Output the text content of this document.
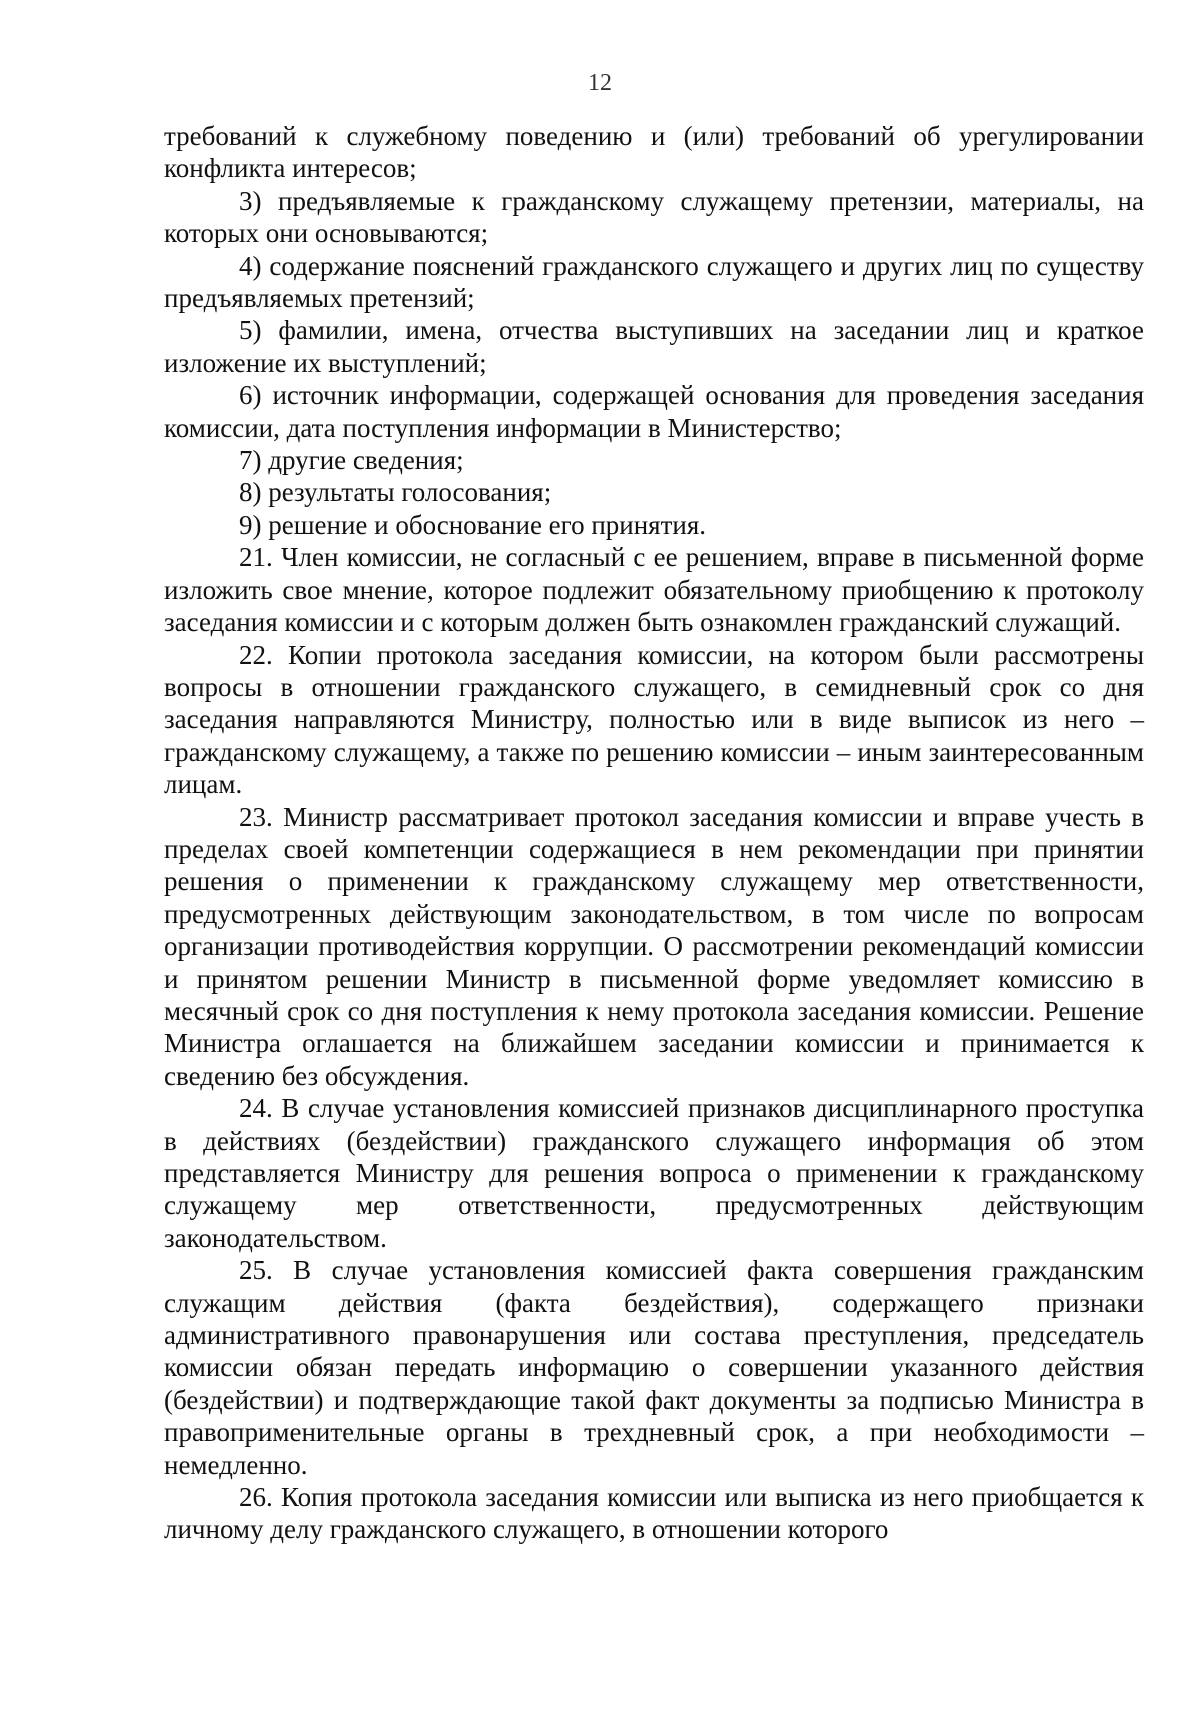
12

требований к служебному поведению и (или) требований об урегулировании конфликта интересов;

3) предъявляемые к гражданскому служащему претензии, материалы, на которых они основываются;

4) содержание пояснений гражданского служащего и других лиц по существу предъявляемых претензий;

5) фамилии, имена, отчества выступивших на заседании лиц и краткое изложение их выступлений;

6) источник информации, содержащей основания для проведения заседания комиссии, дата поступления информации в Министерство;

7) другие сведения;

8) результаты голосования;

9) решение и обоснование его принятия.

21. Член комиссии, не согласный с ее решением, вправе в письменной форме изложить свое мнение, которое подлежит обязательному приобщению к протоколу заседания комиссии и с которым должен быть ознакомлен гражданский служащий.

22. Копии протокола заседания комиссии, на котором были рассмотрены вопросы в отношении гражданского служащего, в семидневный срок со дня заседания направляются Министру, полностью или в виде выписок из него – гражданскому служащему, а также по решению комиссии – иным заинтересованным лицам.

23. Министр рассматривает протокол заседания комиссии и вправе учесть в пределах своей компетенции содержащиеся в нем рекомендации при принятии решения о применении к гражданскому служащему мер ответственности, предусмотренных действующим законодательством, в том числе по вопросам организации противодействия коррупции. О рассмотрении рекомендаций комиссии и принятом решении Министр в письменной форме уведомляет комиссию в месячный срок со дня поступления к нему протокола заседания комиссии. Решение Министра оглашается на ближайшем заседании комиссии и принимается к сведению без обсуждения.

24. В случае установления комиссией признаков дисциплинарного проступка в действиях (бездействии) гражданского служащего информация об этом представляется Министру для решения вопроса о применении к гражданскому служащему мер ответственности, предусмотренных действующим законодательством.

25. В случае установления комиссией факта совершения гражданским служащим действия (факта бездействия), содержащего признаки административного правонарушения или состава преступления, председатель комиссии обязан передать информацию о совершении указанного действия (бездействии) и подтверждающие такой факт документы за подписью Министра в правоприменительные органы в трехдневный срок, а при необходимости – немедленно.

26. Копия протокола заседания комиссии или выписка из него приобщается к личному делу гражданского служащего, в отношении которого
